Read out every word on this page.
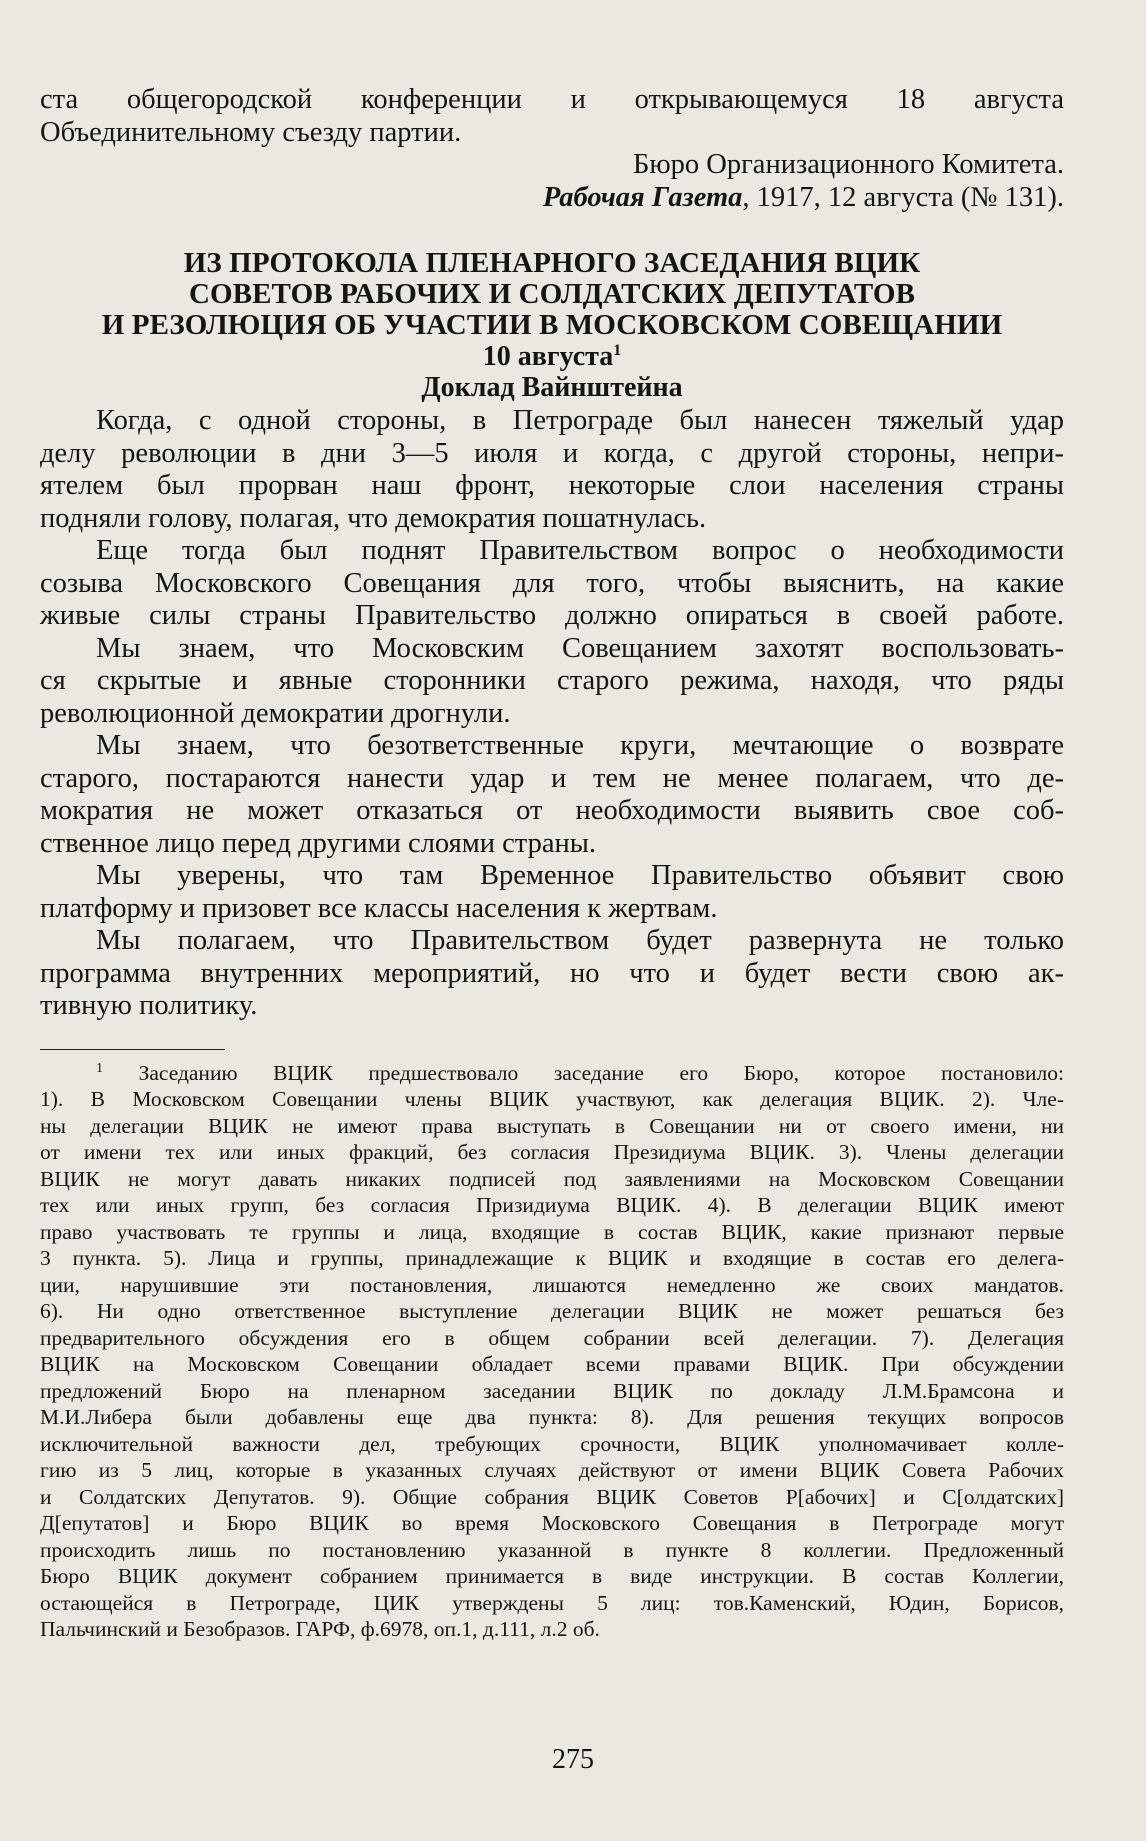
ста общегородской конференции и открывающемуся 18 августа
Объединительному съезду партии.
Бюро Организационного Комитета.
Рабочая Газета, 1917, 12 августа (№ 131).
ИЗ ПРОТОКОЛА ПЛЕНАРНОГО ЗАСЕДАНИЯ ВЦИК
СОВЕТОВ РАБОЧИХ И СОЛДАТСКИХ ДЕПУТАТОВ
И РЕЗОЛЮЦИЯ ОБ УЧАСТИИ В МОСКОВСКОМ СОВЕЩАНИИ
10 августа$^1$
Доклад Вайнштейна
Когда, с одной стороны, в Петрограде был нанесен тяжелый удар
делу революции в дни 3—5 июля и когда, с другой стороны, непри-
ятелем был прорван наш фронт, некоторые слои населения страны
подняли голову, полагая, что демократия пошатнулась.
Еще тогда был поднят Правительством вопрос о необходимости
созыва Московского Совещания для того, чтобы выяснить, на какие
живые силы страны Правительство должно опираться в своей работе.
Мы знаем, что Московским Совещанием захотят воспользовать-
ся скрытые и явные сторонники старого режима, находя, что ряды
революционной демократии дрогнули.
Мы знаем, что безответственные круги, мечтающие о возврате
старого, постараются нанести удар и тем не менее полагаем, что де-
мократия не может отказаться от необходимости выявить свое соб-
ственное лицо перед другими слоями страны.
Мы уверены, что там Временное Правительство объявит свою
платформу и призовет все классы населения к жертвам.
Мы полагаем, что Правительством будет развернута не только
программа внутренних мероприятий, но что и будет вести свою ак-
тивную политику.
$^1$ Заседанию ВЦИК предшествовало заседание его Бюро, которое постановило:
1). В Московском Совещании члены ВЦИК участвуют, как делегация ВЦИК. 2). Чле-
ны делегации ВЦИК не имеют права выступать в Совещании ни от своего имени, ни
от имени тех или иных фракций, без согласия Президиума ВЦИК. 3). Члены делегации
ВЦИК не могут давать никаких подписей под заявлениями на Московском Совещании
тех или иных групп, без согласия Призидиума ВЦИК. 4). В делегации ВЦИК имеют
право участвовать те группы и лица, входящие в состав ВЦИК, какие признают первые
3 пункта. 5). Лица и группы, принадлежащие к ВЦИК и входящие в состав его делега-
ции, нарушившие эти постановления, лишаются немедленно же своих мандатов.
6). Ни одно ответственное выступление делегации ВЦИК не может решаться без
предварительного обсуждения его в общем собрании всей делегации. 7). Делегация
ВЦИК на Московском Совещании обладает всеми правами ВЦИК. При обсуждении
предложений Бюро на пленарном заседании ВЦИК по докладу Л.М.Брамсона и
М.И.Либера были добавлены еще два пункта: 8). Для решения текущих вопросов
исключительной важности дел, требующих срочности, ВЦИК уполномачивает колле-
гию из 5 лиц, которые в указанных случаях действуют от имени ВЦИК Совета Рабочих
и Солдатских Депутатов. 9). Общие собрания ВЦИК Советов Р[абочих] и С[олдатских]
Д[епутатов] и Бюро ВЦИК во время Московского Совещания в Петрограде могут
происходить лишь по постановлению указанной в пункте 8 коллегии. Предложенный
Бюро ВЦИК документ собранием принимается в виде инструкции. В состав Коллегии,
остающейся в Петрограде, ЦИК утверждены 5 лиц: тов.Каменский, Юдин, Борисов,
Пальчинский и Безобразов. ГАРФ, ф.6978, оп.1, д.111, л.2 об.
275
